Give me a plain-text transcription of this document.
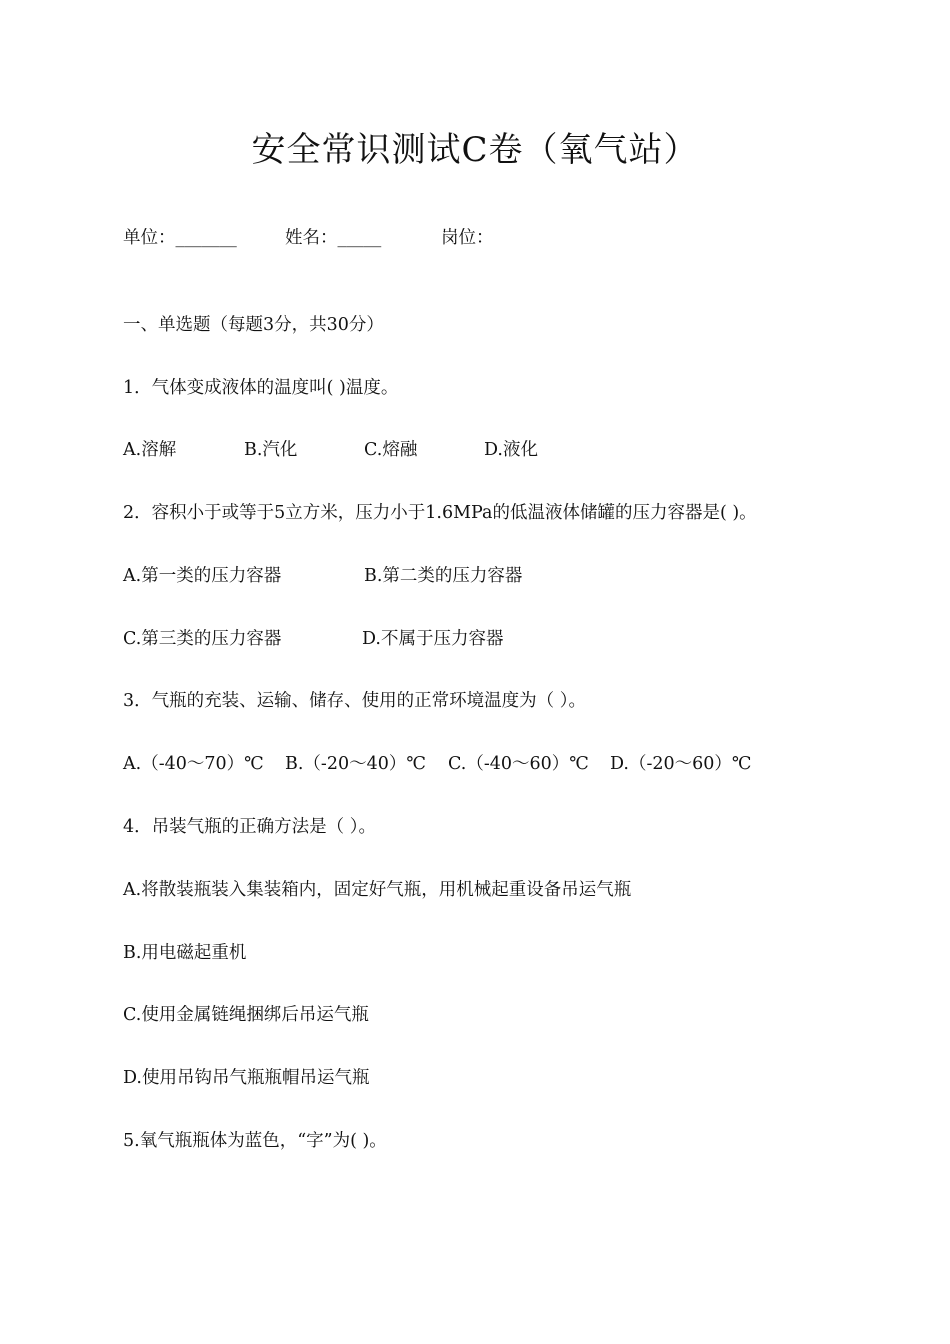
安全常识测试C卷（氧气站）
单位：_______	姓名：_____	岗位：
一、单选题（每题3分，共30分）
1．气体变成液体的温度叫( )温度。
A.溶解	B.汽化	C.熔融	D.液化
2．容积小于或等于5立方米，压力小于1.6MPa的低温液体储罐的压力容器是( )。
A.第一类的压力容器	B.第二类的压力容器
C.第三类的压力容器	D.不属于压力容器
3．气瓶的充装、运输、储存、使用的正常环境温度为（ ）。
A.（-40～70）℃ B.（-20～40）℃ C.（-40～60）℃ D.（-20～60）℃
4．吊装气瓶的正确方法是（ ）。
A.将散装瓶装入集装箱内，固定好气瓶，用机械起重设备吊运气瓶
B.用电磁起重机
C.使用金属链绳捆绑后吊运气瓶
D.使用吊钩吊气瓶瓶帽吊运气瓶
5.氧气瓶瓶体为蓝色，“字”为( )。
